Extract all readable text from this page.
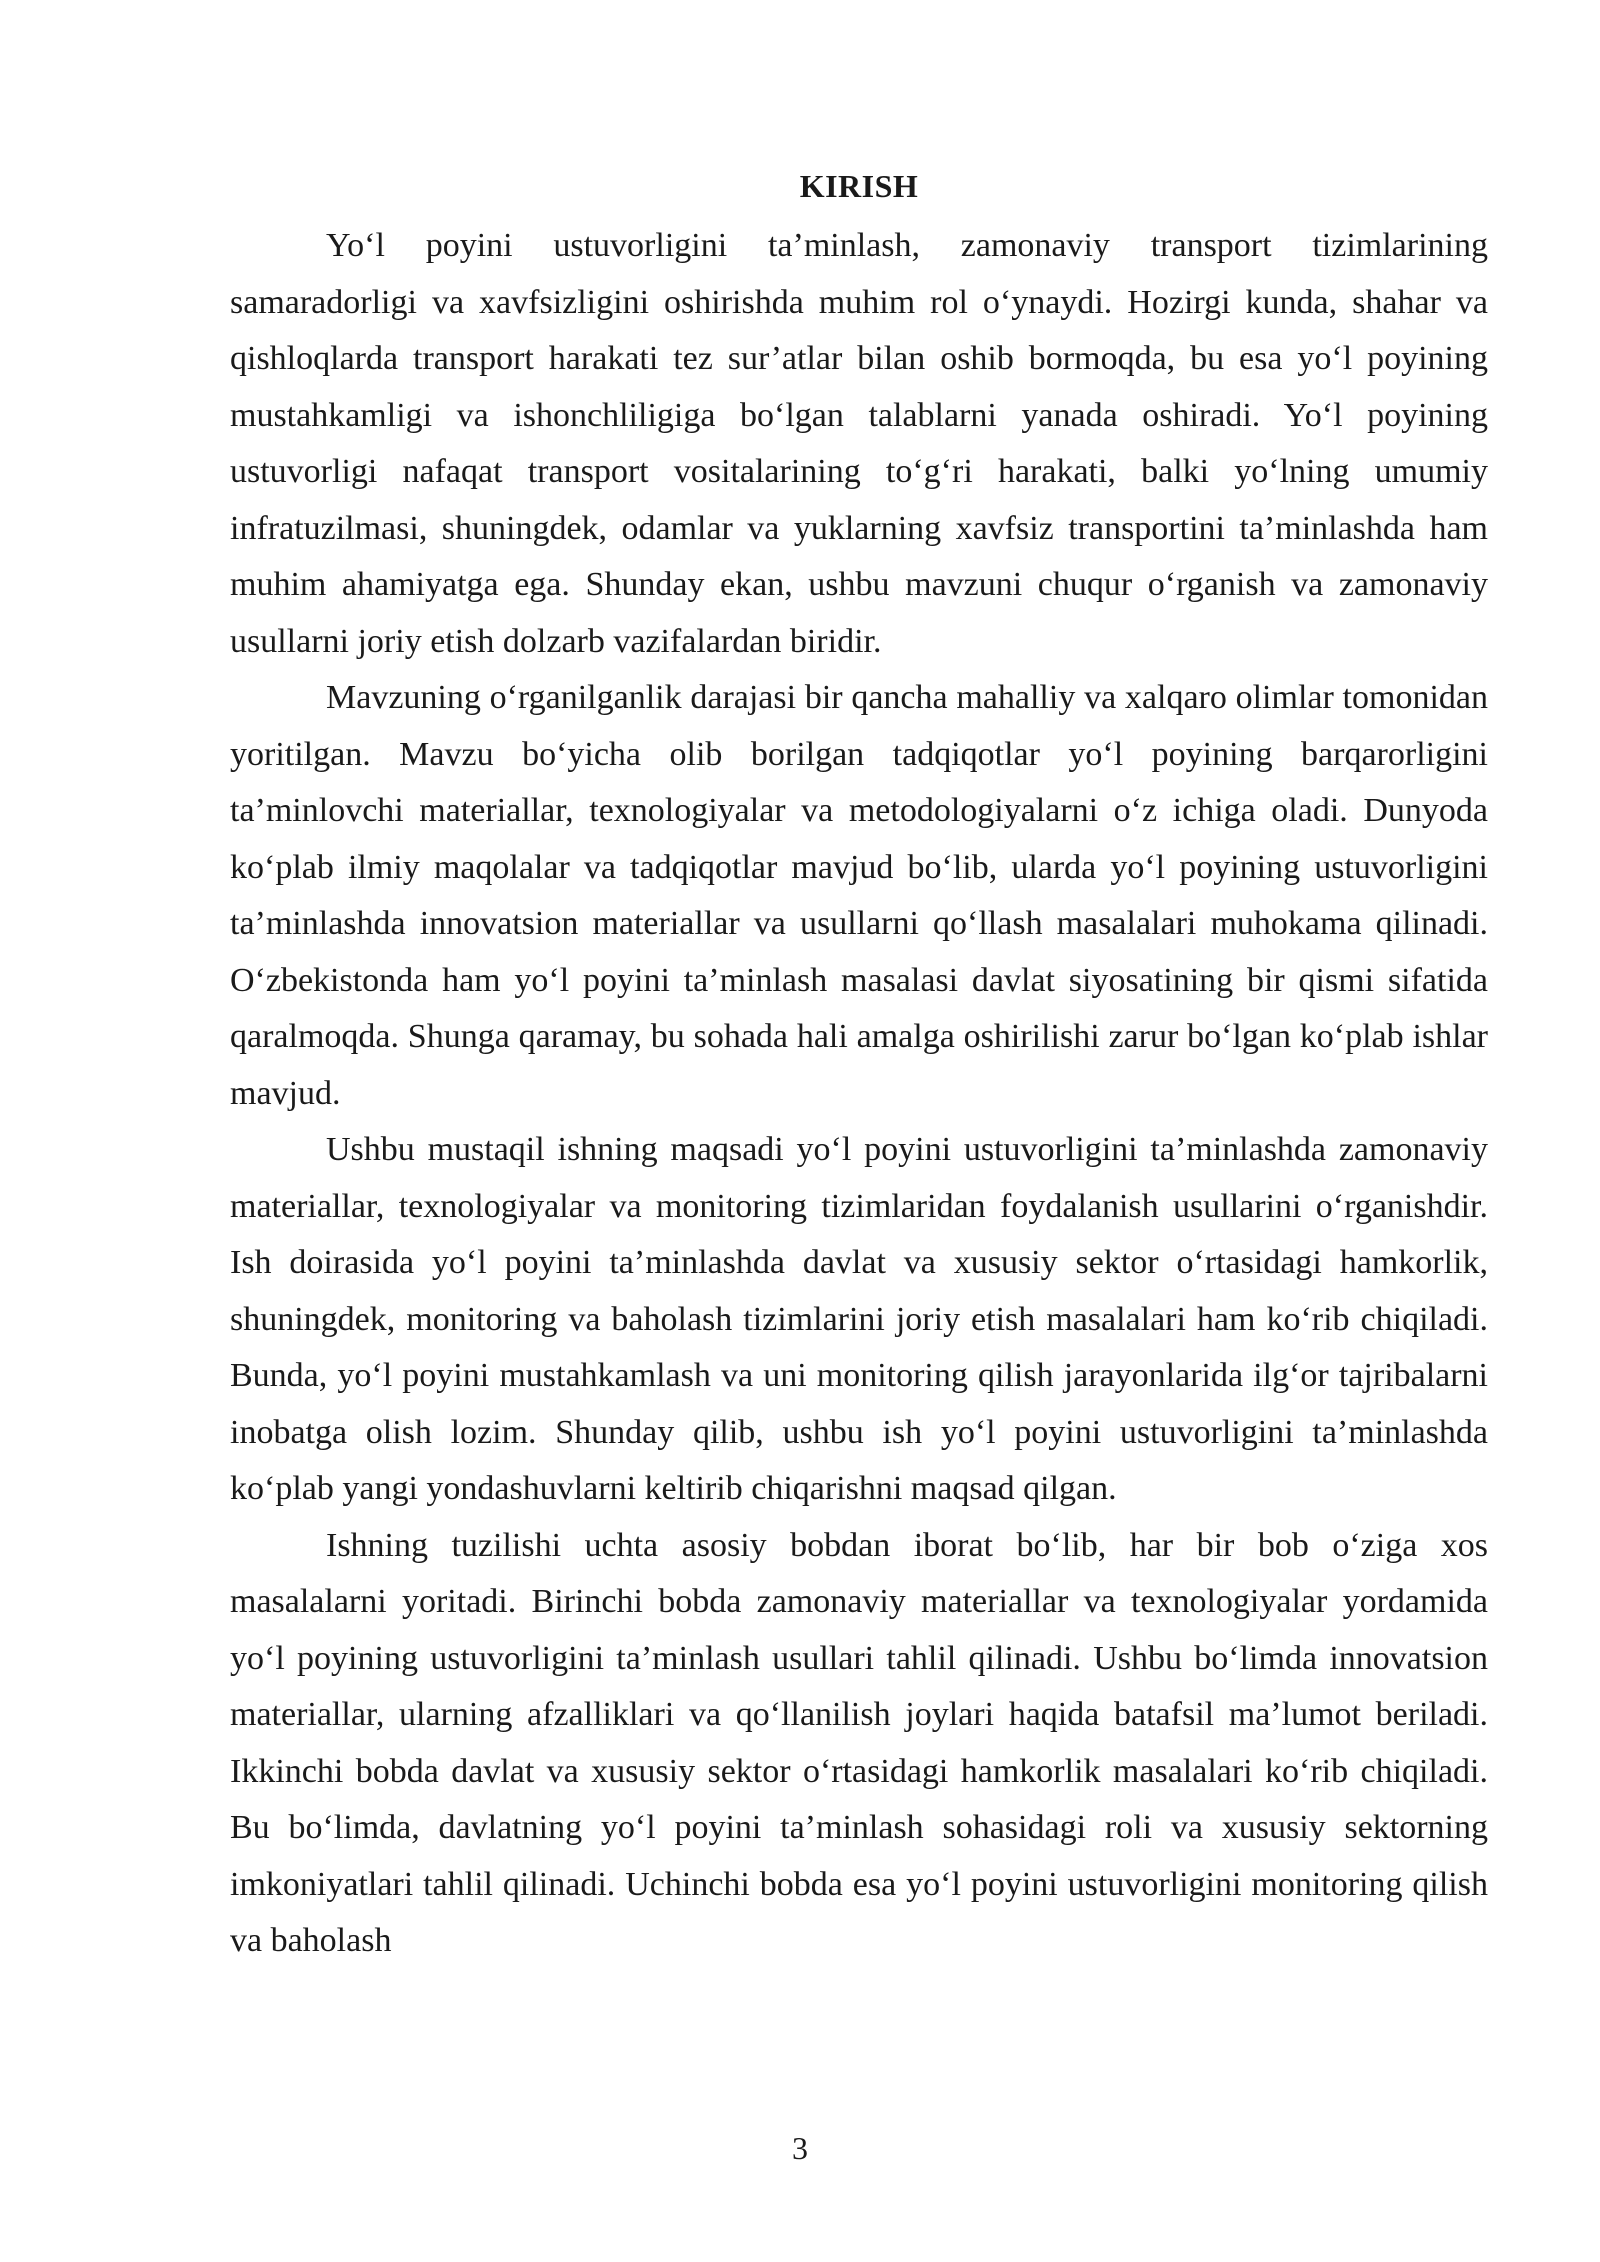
KIRISH

Yo‘l poyini ustuvorligini ta’minlash, zamonaviy transport tizimlarining samaradorligi va xavfsizligini oshirishda muhim rol o‘ynaydi. Hozirgi kunda, shahar va qishloqlarda transport harakati tez sur’atlar bilan oshib bormoqda, bu esa yo‘l poyining mustahkamligi va ishonchliligiga bo‘lgan talablarni yanada oshiradi. Yo‘l poyining ustuvorligi nafaqat transport vositalarining to‘g‘ri harakati, balki yo‘lning umumiy infratuzilmasi, shuningdek, odamlar va yuklarning xavfsiz transportini ta’minlashda ham muhim ahamiyatga ega. Shunday ekan, ushbu mavzuni chuqur o‘rganish va zamonaviy usullarni joriy etish dolzarb vazifalardan biridir.

Mavzuning o‘rganilganlik darajasi bir qancha mahalliy va xalqaro olimlar tomonidan yoritilgan. Mavzu bo‘yicha olib borilgan tadqiqotlar yo‘l poyining barqarorligini ta’minlovchi materiallar, texnologiyalar va metodologiyalarni o‘z ichiga oladi. Dunyoda ko‘plab ilmiy maqolalar va tadqiqotlar mavjud bo‘lib, ularda yo‘l poyining ustuvorligini ta’minlashda innovatsion materiallar va usullarni qo‘llash masalalari muhokama qilinadi. O‘zbekistonda ham yo‘l poyini ta’minlash masalasi davlat siyosatining bir qismi sifatida qaralmoqda. Shunga qaramay, bu sohada hali amalga oshirilishi zarur bo‘lgan ko‘plab ishlar mavjud.

Ushbu mustaqil ishning maqsadi yo‘l poyini ustuvorligini ta’minlashda zamonaviy materiallar, texnologiyalar va monitoring tizimlaridan foydalanish usullarini o‘rganishdir. Ish doirasida yo‘l poyini ta’minlashda davlat va xususiy sektor o‘rtasidagi hamkorlik, shuningdek, monitoring va baholash tizimlarini joriy etish masalalari ham ko‘rib chiqiladi. Bunda, yo‘l poyini mustahkamlash va uni monitoring qilish jarayonlarida ilg‘or tajribalarni inobatga olish lozim. Shunday qilib, ushbu ish yo‘l poyini ustuvorligini ta’minlashda ko‘plab yangi yondashuvlarni keltirib chiqarishni maqsad qilgan.

Ishning tuzilishi uchta asosiy bobdan iborat bo‘lib, har bir bob o‘ziga xos masalalarni yoritadi. Birinchi bobda zamonaviy materiallar va texnologiyalar yordamida yo‘l poyining ustuvorligini ta’minlash usullari tahlil qilinadi. Ushbu bo‘limda innovatsion materiallar, ularning afzalliklari va qo‘llanilish joylari haqida batafsil ma’lumot beriladi. Ikkinchi bobda davlat va xususiy sektor o‘rtasidagi hamkorlik masalalari ko‘rib chiqiladi. Bu bo‘limda, davlatning yo‘l poyini ta’minlash sohasidagi roli va xususiy sektorning imkoniyatlari tahlil qilinadi. Uchinchi bobda esa yo‘l poyini ustuvorligini monitoring qilish va baholash

3
